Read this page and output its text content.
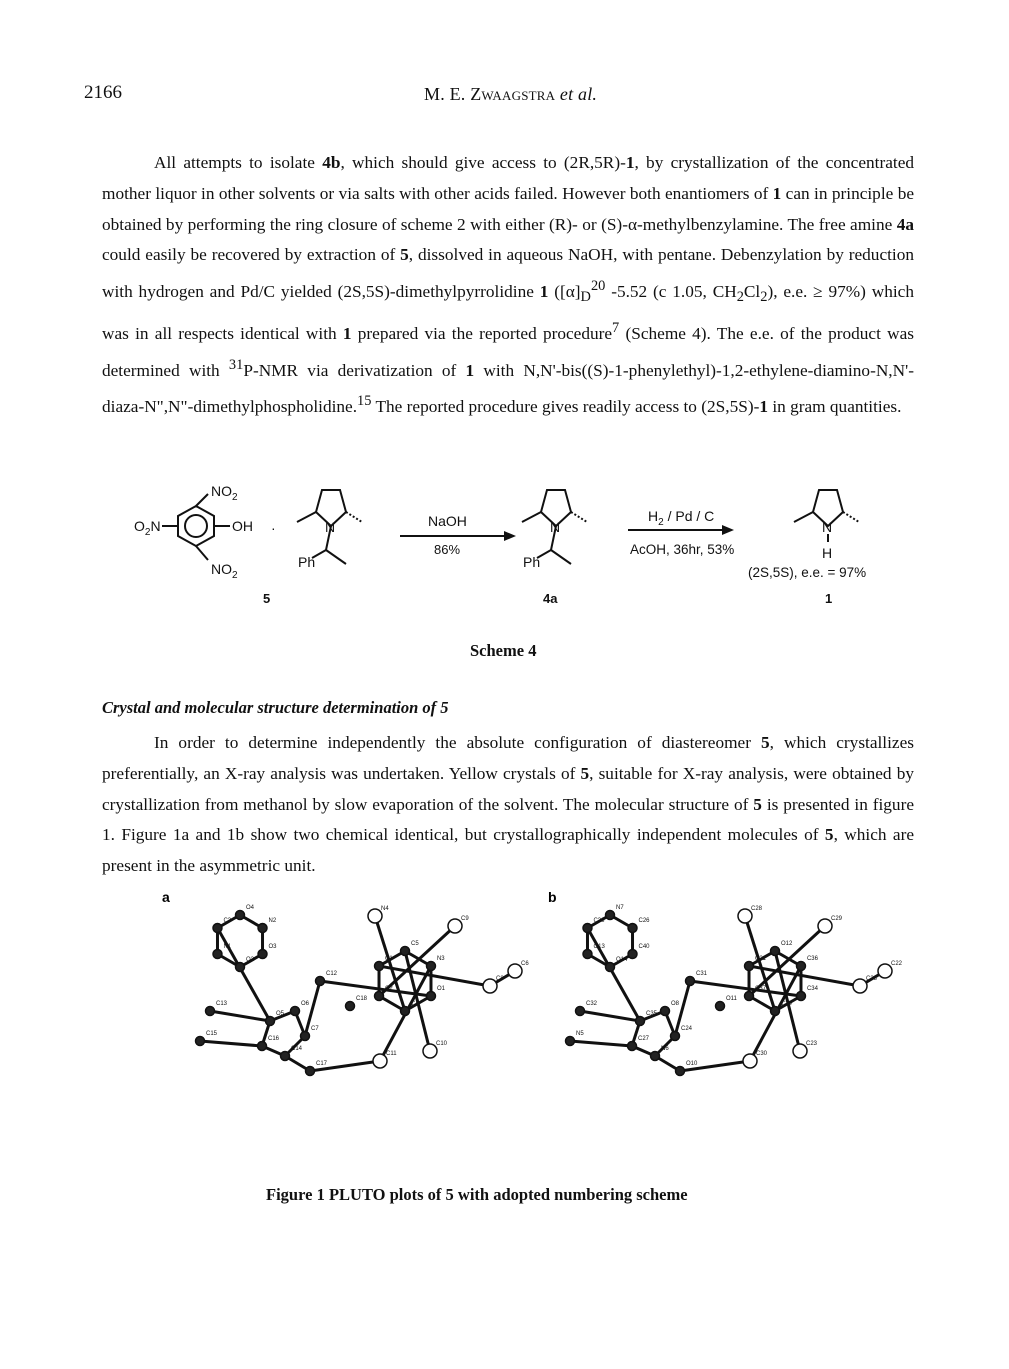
2166	M. E. Zwaagstra et al.

All attempts to isolate 4b, which should give access to (2R,5R)-1, by crystallization of the concentrated mother liquor in other solvents or via salts with other acids failed. However both enantiomers of 1 can in principle be obtained by performing the ring closure of scheme 2 with either (R)- or (S)-α-methylbenzylamine. The free amine 4a could easily be recovered by extraction of 5, dissolved in aqueous NaOH, with pentane. Debenzylation by reduction with hydrogen and Pd/C yielded (2S,5S)-dimethylpyrrolidine 1 ($[\alpha]_D^{20}$ -5.52 (c 1.05, $CH_2Cl_2$), e.e. ≥ 97%) which was in all respects identical with 1 prepared via the reported procedure$^7$ (Scheme 4). The e.e. of the product was determined with $^{31}$P-NMR via derivatization of 1 with N,N'-bis((S)-1-phenylethyl)-1,2-ethylene-diamino-N,N'-diaza-N",N"-dimethylphospholidine.$^{15}$ The reported procedure gives readily access to (2S,5S)-1 in gram quantities.

$NO_2$
$O_2N$	OH ·
$NO_2$
N
Ph
NaOH
86%
N
Ph
$H_2$ / Pd / C
AcOH, 36hr, 53%
N
H
(2S,5S), e.e. = 97%
5	4a	1
Scheme 4

Crystal and molecular structure determination of 5

In order to determine independently the absolute configuration of diastereomer 5, which crystallizes preferentially, an X-ray analysis was undertaken. Yellow crystals of 5, suitable for X-ray analysis, were obtained by crystallization from methanol by slow evaporation of the solvent. The molecular structure of 5 is presented in figure 1. Figure 1a and 1b show two chemical identical, but crystallographically independent molecules of 5, which are present in the asymmetric unit.

a	b
O3
O2
N1
C3
O4
N2
O1
C4
C2
C1
C5
N3
O5
O6
C7
C14
C16
N4
C9
C8
C6
C10
C11
C12
C13
C15
C17
C18
C40
O14
O13
C38
N7
C26
C34
C39
C37
C21
O12
C36
C35
O8
C24
N6
C27
C28
C29
C33
C22
C23
C30
C31
C32
N5
O10
O11
Figure 1 PLUTO plots of 5 with adopted numbering scheme
